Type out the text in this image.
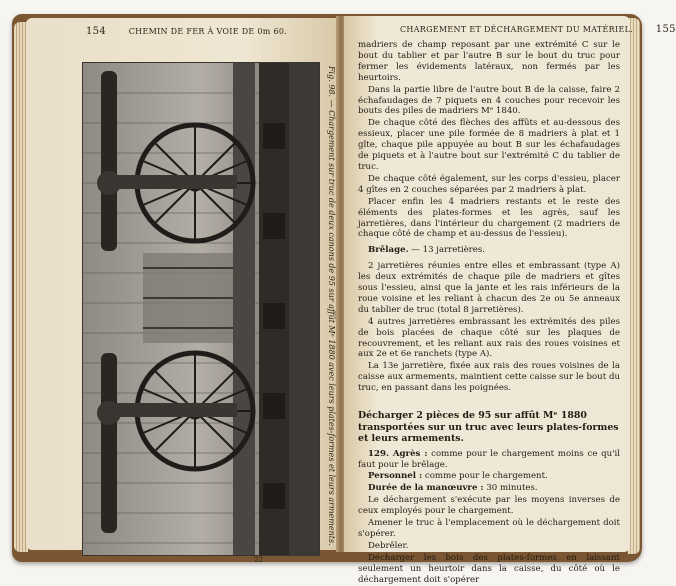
154	CHEMIN DE FER À VOIE DE 0m 60.
Fig. 98. — Chargement sur truc de deux canons de 95 sur affût Mᵉ 1880 avec leurs plates-formes et leurs armements.
22
CHARGEMENT ET DÉCHARGEMENT DU MATÉRIEL. 155

madriers de champ reposant par une extrémité C sur le bout du tablier et par l'autre B sur le bout du truc pour fermer les évidements latéraux, non fermés par les heurtoirs.

Dans la partie libre de l'autre bout B de la caisse, faire 2 échafaudages de 7 piquets en 4 couches pour recevoir les bouts des piles de madriers Mᵉ 1840.

De chaque côté des flèches des affûts et au-dessous des essieux, placer une pile formée de 8 madriers à plat et 1 gîte, chaque pile appuyée au bout B sur les échafaudages de piquets et à l'autre bout sur l'extrémité C du tablier de truc.

De chaque côté également, sur les corps d'essieu, placer 4 gîtes en 2 couches séparées par 2 madriers à plat.

Placer enfin les 4 madriers restants et le reste des éléments des plates-formes et les agrès, sauf les jarretières, dans l'intérieur du chargement (2 madriers de chaque côté de champ et au-dessus de l'essieu).

Brêlage. — 13 jarretières.

2 jarretières réunies entre elles et embrassant (type A) les deux extrémités de chaque pile de madriers et gîtes sous l'essieu, ainsi que la jante et les rais inférieurs de la roue voisine et les reliant à chacun des 2e ou 5e anneaux du tablier de truc (total 8 jarretières).

4 autres jarretières embrassant les extrémités des piles de bois placées de chaque côté sur les plaques de recouvrement, et les reliant aux rais des roues voisines et aux 2e et 6e ranchets (type A).

La 13e jarretière, fixée aux rais des roues voisines de la caisse aux armements, maintient cette caisse sur le bout du truc, en passant dans les poignées.

Décharger 2 pièces de 95 sur affût Mᵉ 1880 transportées sur un truc avec leurs plates-formes et leurs armements.

129. Agrès : comme pour le chargement moins ce qu'il faut pour le brêlage.

Personnel : comme pour le chargement.

Durée de la manœuvre : 30 minutes.

Le déchargement s'exécute par les moyens inverses de ceux employés pour le chargement.

Amener le truc à l'emplacement où le déchargement doit s'opérer.

Debrêler.

Décharger les bois des plates-formes en laissant seulement un heurtoir dans la caisse, du côté où le déchargement doit s'opérer
